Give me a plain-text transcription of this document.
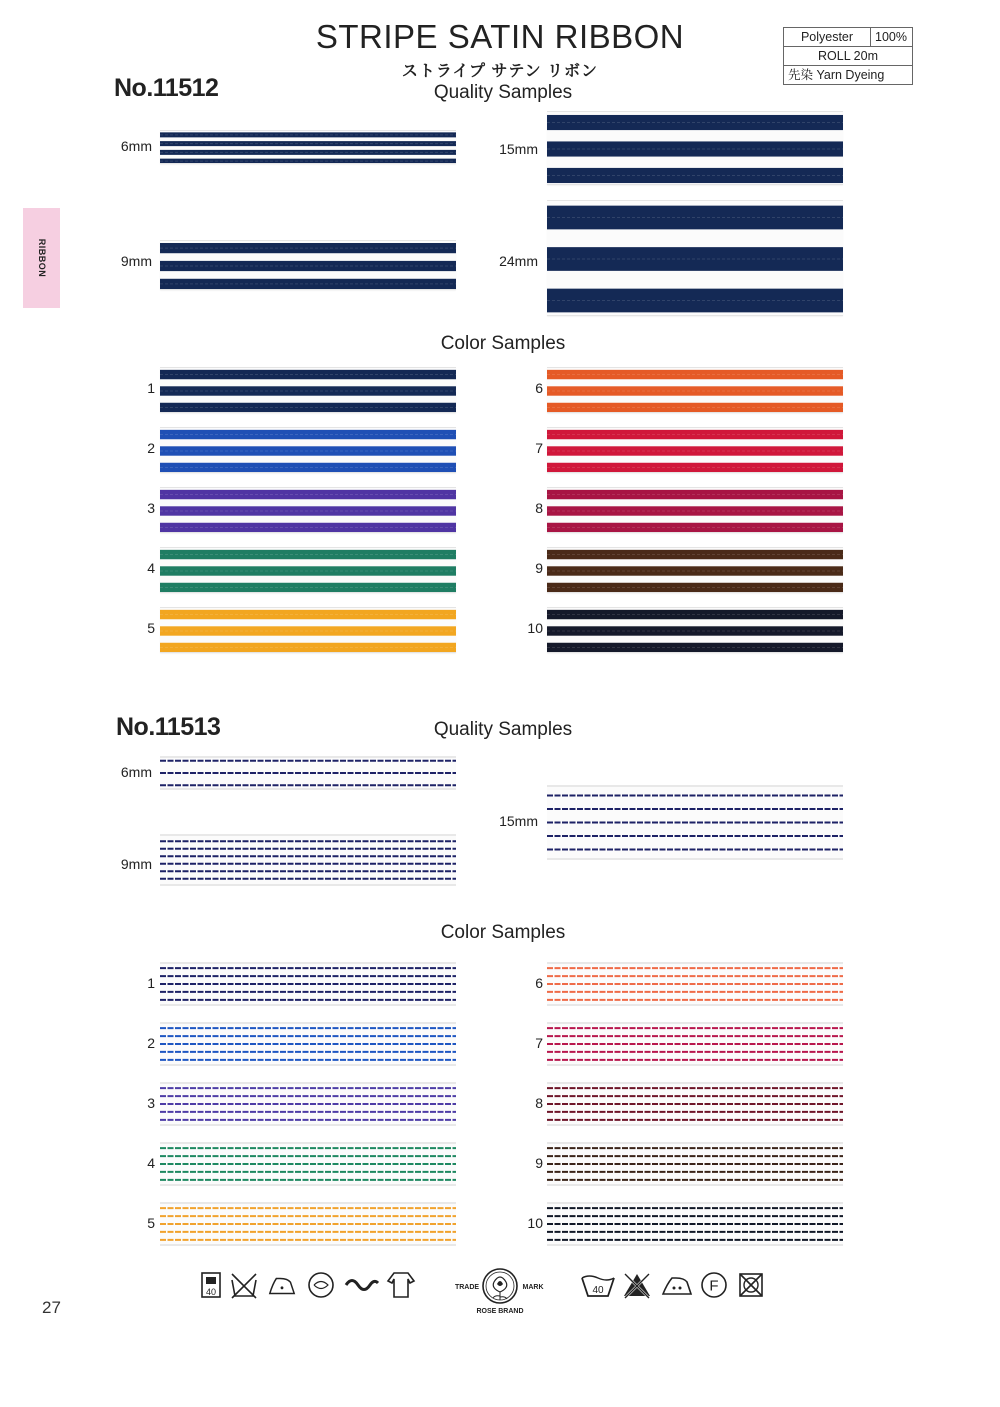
STRIPE SATIN RIBBON
ストライプ サテン リボン
Polyester	100%
ROLL 20m
先染 Yarn Dyeing
RIBBON
No.11512	Quality Samples
6mm
9mm
15mm
24mm
Color Samples
1
2
3
4
5
6
7
8
9
10
No.11513	Quality Samples
6mm
9mm
15mm
Color Samples
1
2
3
4
5
6
7
8
9
10
40	40	F
TRADE	MARK
ROSE BRAND
27
